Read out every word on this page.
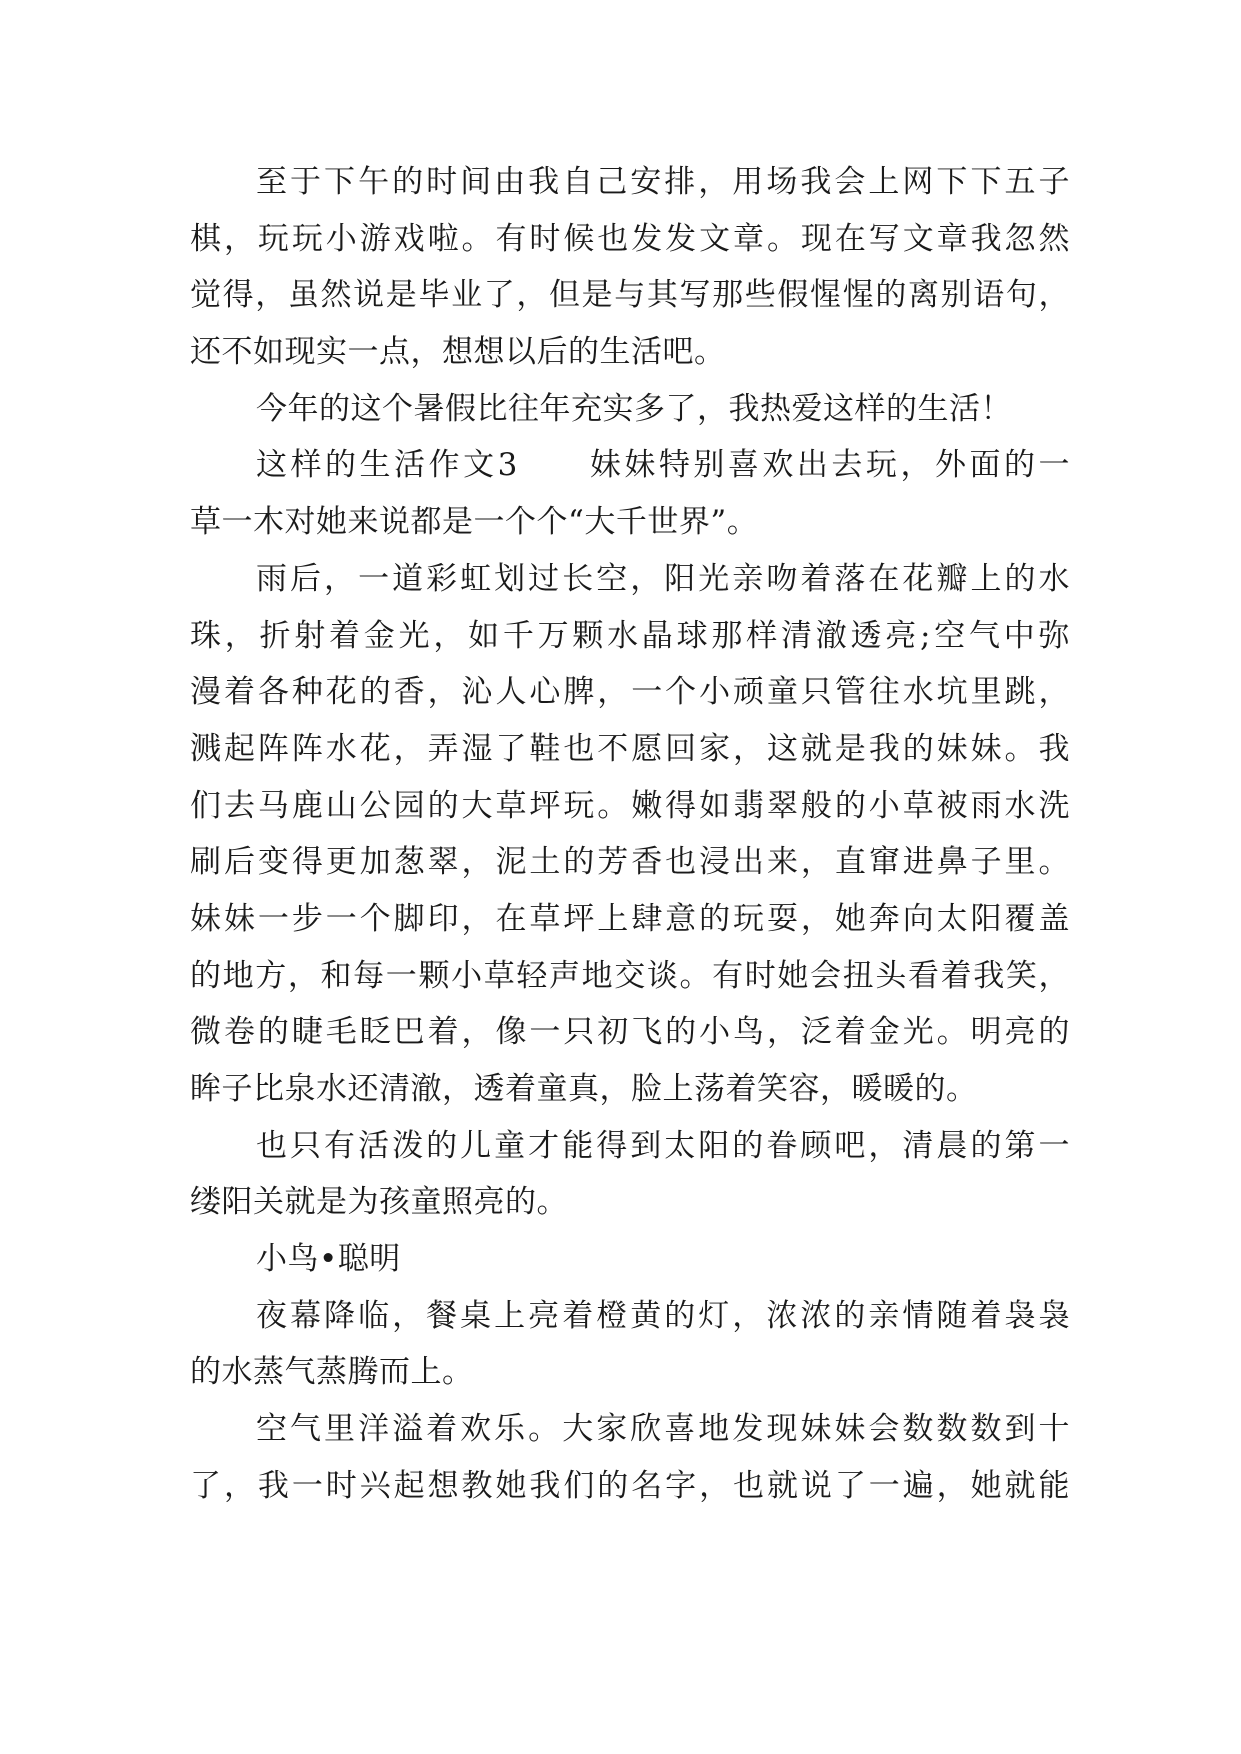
至于下午的时间由我自己安排，用场我会上网下下五子
棋，玩玩小游戏啦。有时候也发发文章。现在写文章我忽然
觉得，虽然说是毕业了，但是与其写那些假惺惺的离别语句，
还不如现实一点，想想以后的生活吧。
今年的这个暑假比往年充实多了，我热爱这样的生活！
这样的生活作文3　　妹妹特别喜欢出去玩，外面的一
草一木对她来说都是一个个“大千世界”。
雨后，一道彩虹划过长空，阳光亲吻着落在花瓣上的水
珠，折射着金光，如千万颗水晶球那样清澈透亮;空气中弥
漫着各种花的香，沁人心脾，一个小顽童只管往水坑里跳，
溅起阵阵水花，弄湿了鞋也不愿回家，这就是我的妹妹。我
们去马鹿山公园的大草坪玩。嫩得如翡翠般的小草被雨水洗
刷后变得更加葱翠，泥土的芳香也浸出来，直窜进鼻子里。
妹妹一步一个脚印，在草坪上肆意的玩耍，她奔向太阳覆盖
的地方，和每一颗小草轻声地交谈。有时她会扭头看着我笑，
微卷的睫毛眨巴着，像一只初飞的小鸟，泛着金光。明亮的
眸子比泉水还清澈，透着童真，脸上荡着笑容，暖暖的。
也只有活泼的儿童才能得到太阳的眷顾吧，清晨的第一
缕阳关就是为孩童照亮的。
小鸟•聪明
夜幕降临，餐桌上亮着橙黄的灯，浓浓的亲情随着袅袅
的水蒸气蒸腾而上。
空气里洋溢着欢乐。大家欣喜地发现妹妹会数数数到十
了，我一时兴起想教她我们的名字，也就说了一遍，她就能
